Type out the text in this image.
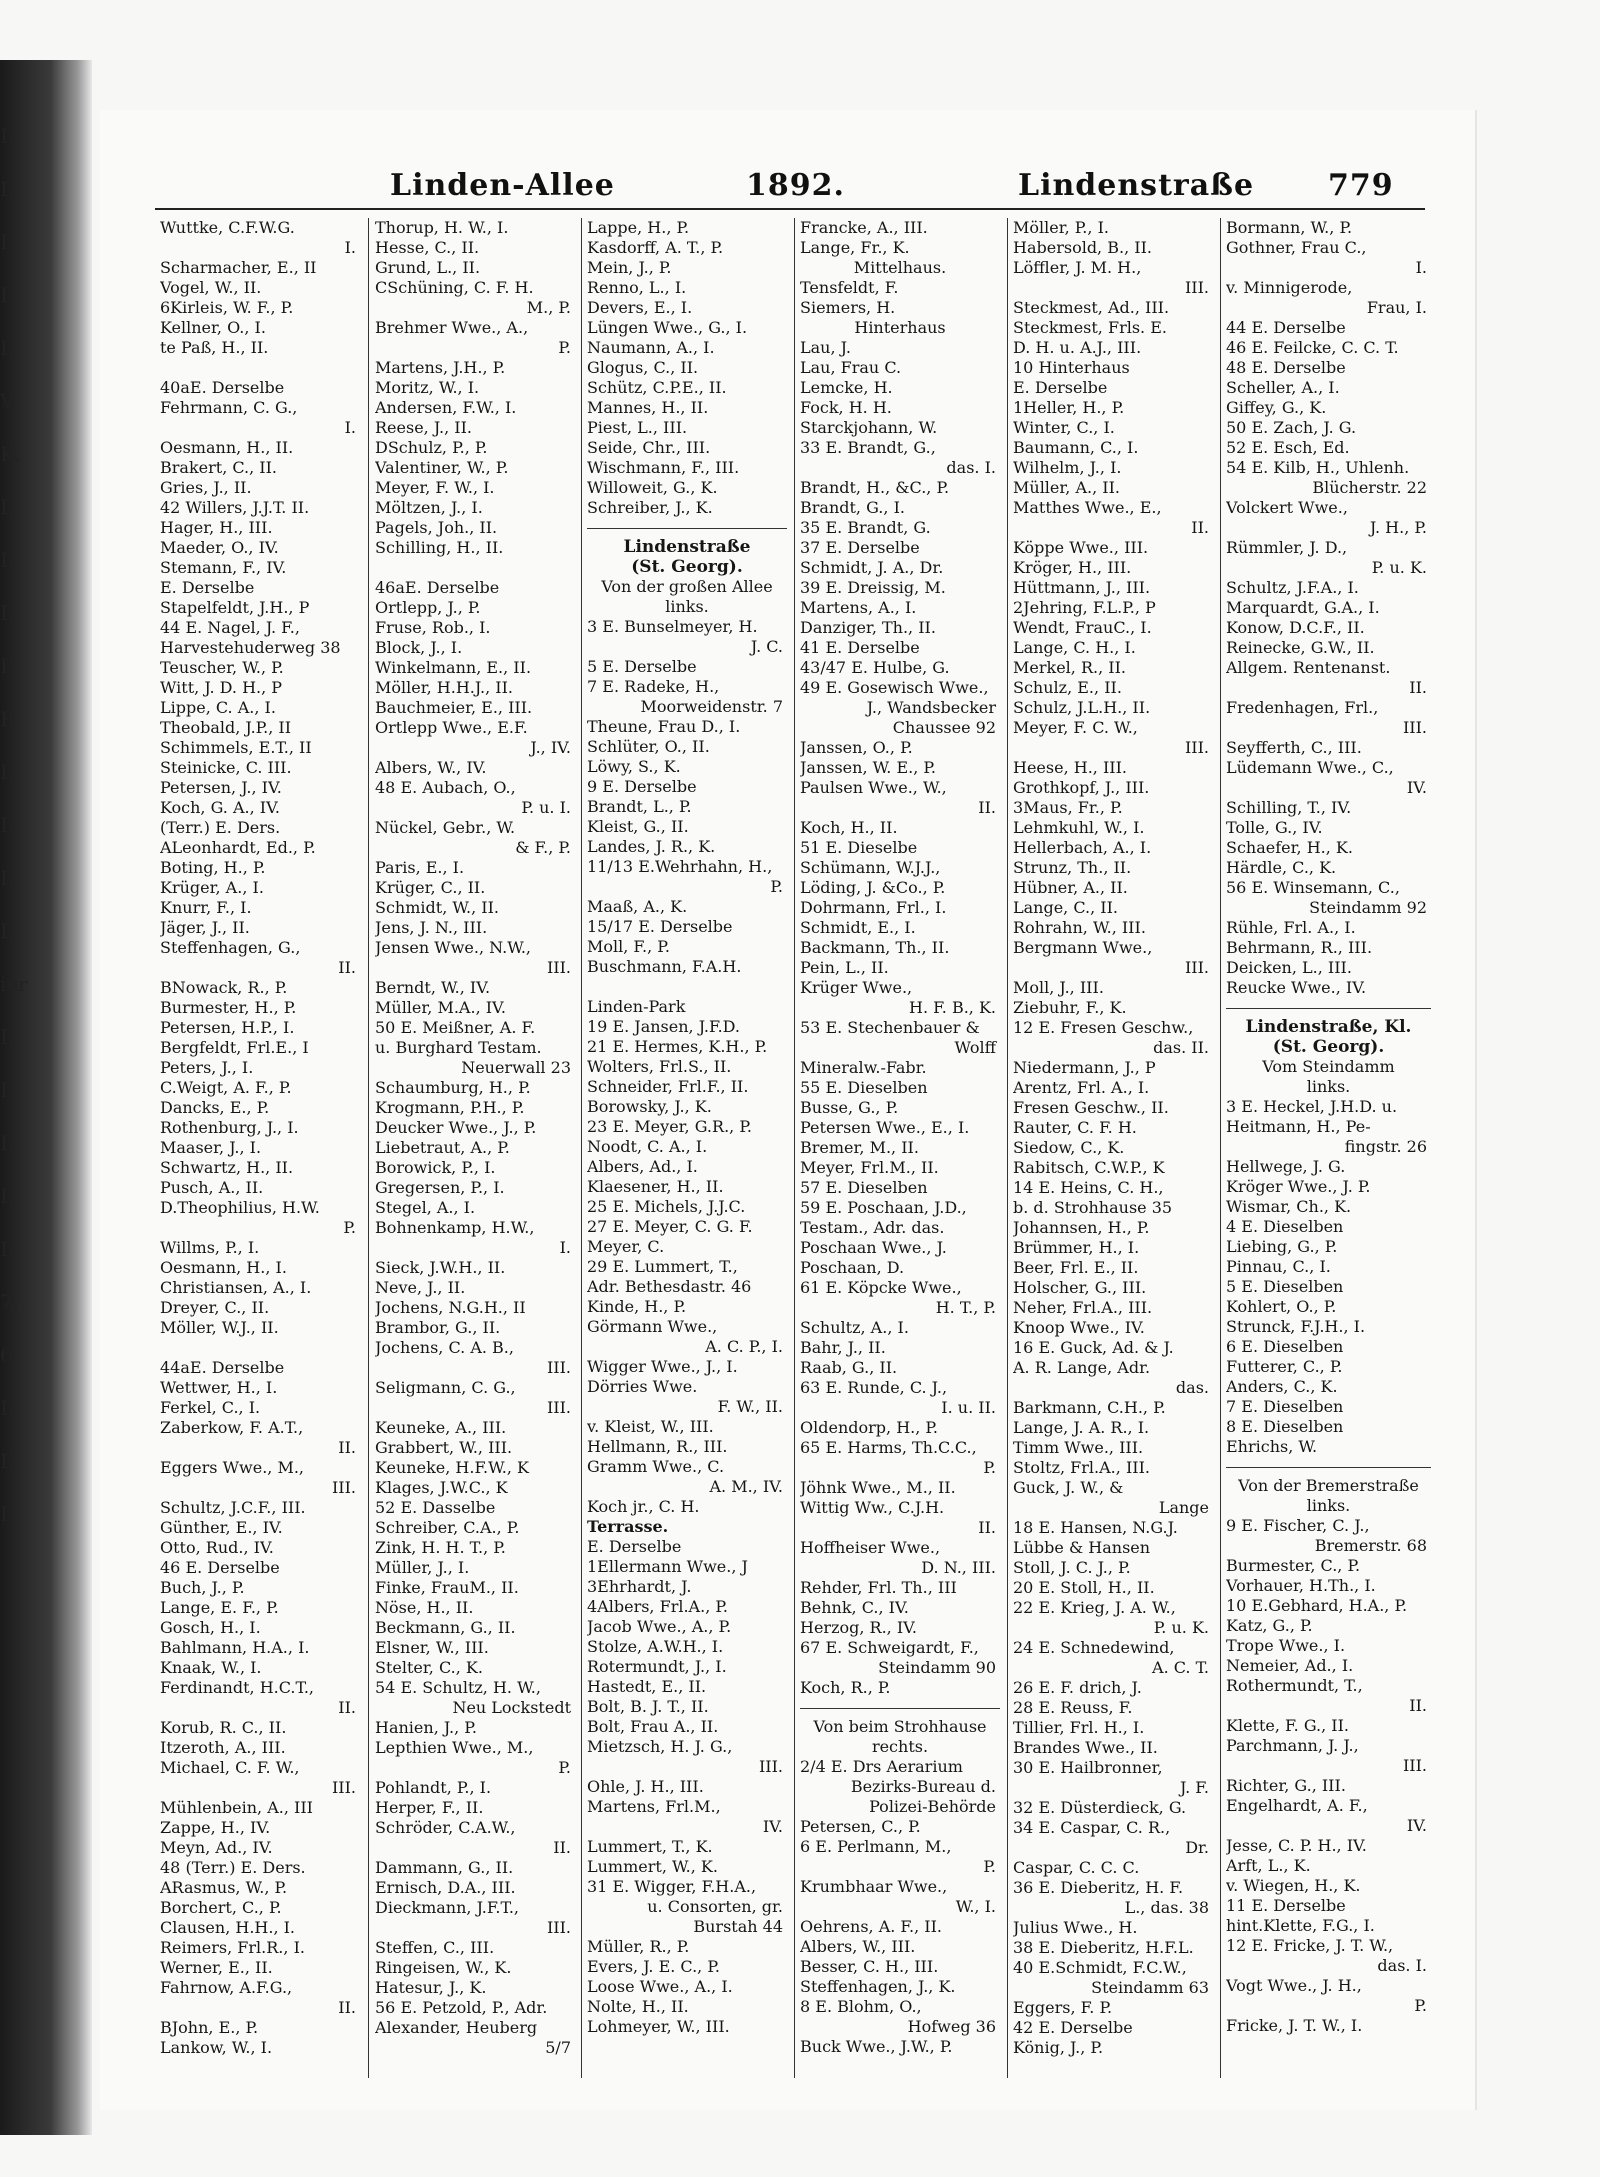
I.
I.
I
I
I.
V
K.
I.
I.
I.
P.
P.
I.
I.
I.
I.
ier
I.
I.
I.
I.
I.
7.
6
I.
II
I.
Linden-Allee	1892.	Lindenstraße 779
Wuttke, C.F.W.G.
I.
Scharmacher, E., II
Vogel, W., II.
6Kirleis, W. F., P.
Kellner, O., I.
te Paß, H., II.
40aE. Derselbe
Fehrmann, C. G.,
I.
Oesmann, H., II.
Brakert, C., II.
Gries, J., II.
42 Willers, J.J.T. II.
Hager, H., III.
Maeder, O., IV.
Stemann, F., IV.
E. Derselbe
Stapelfeldt, J.H., P
44 E. Nagel, J. F.,
Harvestehuderweg 38
Teuscher, W., P.
Witt, J. D. H., P
Lippe, C. A., I.
Theobald, J.P., II
Schimmels, E.T., II
Steinicke, C. III.
Petersen, J., IV.
Koch, G. A., IV.
(Terr.) E. Ders.
ALeonhardt, Ed., P.
Boting, H., P.
Krüger, A., I.
Knurr, F., I.
Jäger, J., II.
Steffenhagen, G.,
II.
BNowack, R., P.
Burmester, H., P.
Petersen, H.P., I.
Bergfeldt, Frl.E., I
Peters, J., I.
C.Weigt, A. F., P.
Dancks, E., P.
Rothenburg, J., I.
Maaser, J., I.
Schwartz, H., II.
Pusch, A., II.
D.Theophilius, H.W.
P.
Willms, P., I.
Oesmann, H., I.
Christiansen, A., I.
Dreyer, C., II.
Möller, W.J., II.
44aE. Derselbe
Wettwer, H., I.
Ferkel, C., I.
Zaberkow, F. A.T.,
II.
Eggers Wwe., M.,
III.
Schultz, J.C.F., III.
Günther, E., IV.
Otto, Rud., IV.
46 E. Derselbe
Buch, J., P.
Lange, E. F., P.
Gosch, H., I.
Bahlmann, H.A., I.
Knaak, W., I.
Ferdinandt, H.C.T.,
II.
Korub, R. C., II.
Itzeroth, A., III.
Michael, C. F. W.,
III.
Mühlenbein, A., III
Zappe, H., IV.
Meyn, Ad., IV.
48 (Terr.) E. Ders.
ARasmus, W., P.
Borchert, C., P.
Clausen, H.H., I.
Reimers, Frl.R., I.
Werner, E., II.
Fahrnow, A.F.G.,
II.
BJohn, E., P.
Lankow, W., I.
Thorup, H. W., I.
Hesse, C., II.
Grund, L., II.
CSchüning, C. F. H.
M., P.
Brehmer Wwe., A.,
P.
Martens, J.H., P.
Moritz, W., I.
Andersen, F.W., I.
Reese, J., II.
DSchulz, P., P.
Valentiner, W., P.
Meyer, F. W., I.
Möltzen, J., I.
Pagels, Joh., II.
Schilling, H., II.
46aE. Derselbe
Ortlepp, J., P.
Fruse, Rob., I.
Block, J., I.
Winkelmann, E., II.
Möller, H.H.J., II.
Bauchmeier, E., III.
Ortlepp Wwe., E.F.
J., IV.
Albers, W., IV.
48 E. Aubach, O.,
P. u. I.
Nückel, Gebr., W.
& F., P.
Paris, E., I.
Krüger, C., II.
Schmidt, W., II.
Jens, J. N., III.
Jensen Wwe., N.W.,
III.
Berndt, W., IV.
Müller, M.A., IV.
50 E. Meißner, A. F.
u. Burghard Testam.
Neuerwall 23
Schaumburg, H., P.
Krogmann, P.H., P.
Deucker Wwe., J., P.
Liebetraut, A., P.
Borowick, P., I.
Gregersen, P., I.
Stegel, A., I.
Bohnenkamp, H.W.,
I.
Sieck, J.W.H., II.
Neve, J., II.
Jochens, N.G.H., II
Brambor, G., II.
Jochens, C. A. B.,
III.
Seligmann, C. G.,
III.
Keuneke, A., III.
Grabbert, W., III.
Keuneke, H.F.W., K
Klages, J.W.C., K
52 E. Dasselbe
Schreiber, C.A., P.
Zink, H. H. T., P.
Müller, J., I.
Finke, FrauM., II.
Nöse, H., II.
Beckmann, G., II.
Elsner, W., III.
Stelter, C., K.
54 E. Schultz, H. W.,
Neu Lockstedt
Hanien, J., P.
Lepthien Wwe., M.,
P.
Pohlandt, P., I.
Herper, F., II.
Schröder, C.A.W.,
II.
Dammann, G., II.
Ernisch, D.A., III.
Dieckmann, J.F.T.,
III.
Steffen, C., III.
Ringeisen, W., K.
Hatesur, J., K.
56 E. Petzold, P., Adr.
Alexander, Heuberg
5/7
Lappe, H., P.
Kasdorff, A. T., P.
Mein, J., P.
Renno, L., I.
Devers, E., I.
Lüngen Wwe., G., I.
Naumann, A., I.
Glogus, C., II.
Schütz, C.P.E., II.
Mannes, H., II.
Piest, L., III.
Seide, Chr., III.
Wischmann, F., III.
Willoweit, G., K.
Schreiber, J., K.
Lindenstraße
(St. Georg).
Von der großen Allee
links.
3 E. Bunselmeyer, H.
J. C.
5 E. Derselbe
7 E. Radeke, H.,
Moorweidenstr. 7
Theune, Frau D., I.
Schlüter, O., II.
Löwy, S., K.
9 E. Derselbe
Brandt, L., P.
Kleist, G., II.
Landes, J. R., K.
11/13 E.Wehrhahn, H.,
P.
Maaß, A., K.
15/17 E. Derselbe
Moll, F., P.
Buschmann, F.A.H.
Linden-Park
19 E. Jansen, J.F.D.
21 E. Hermes, K.H., P.
Wolters, Frl.S., II.
Schneider, Frl.F., II.
Borowsky, J., K.
23 E. Meyer, G.R., P.
Noodt, C. A., I.
Albers, Ad., I.
Klaesener, H., II.
25 E. Michels, J.J.C.
27 E. Meyer, C. G. F.
Meyer, C.
29 E. Lummert, T.,
Adr. Bethesdastr. 46
Kinde, H., P.
Görmann Wwe.,
A. C. P., I.
Wigger Wwe., J., I.
Dörries Wwe.
F. W., II.
v. Kleist, W., III.
Hellmann, R., III.
Gramm Wwe., C.
A. M., IV.
Koch jr., C. H.
Terrasse.
E. Derselbe
1Ellermann Wwe., J
3Ehrhardt, J.
4Albers, Frl.A., P.
Jacob Wwe., A., P.
Stolze, A.W.H., I.
Rotermundt, J., I.
Hastedt, E., II.
Bolt, B. J. T., II.
Bolt, Frau A., II.
Mietzsch, H. J. G.,
III.
Ohle, J. H., III.
Martens, Frl.M.,
IV.
Lummert, T., K.
Lummert, W., K.
31 E. Wigger, F.H.A.,
u. Consorten, gr.
Burstah 44
Müller, R., P.
Evers, J. E. C., P.
Loose Wwe., A., I.
Nolte, H., II.
Lohmeyer, W., III.
Francke, A., III.
Lange, Fr., K.
Mittelhaus.
Tensfeldt, F.
Siemers, H.
Hinterhaus
Lau, J.
Lau, Frau C.
Lemcke, H.
Fock, H. H.
Starckjohann, W.
33 E. Brandt, G.,
das. I.
Brandt, H., &C., P.
Brandt, G., I.
35 E. Brandt, G.
37 E. Derselbe
Schmidt, J. A., Dr.
39 E. Dreissig, M.
Martens, A., I.
Danziger, Th., II.
41 E. Derselbe
43/47 E. Hulbe, G.
49 E. Gosewisch Wwe.,
J., Wandsbecker
Chaussee 92
Janssen, O., P.
Janssen, W. E., P.
Paulsen Wwe., W.,
II.
Koch, H., II.
51 E. Dieselbe
Schümann, W.J.J.,
Löding, J. &Co., P.
Dohrmann, Frl., I.
Schmidt, E., I.
Backmann, Th., II.
Pein, L., II.
Krüger Wwe.,
H. F. B., K.
53 E. Stechenbauer &
Wolff
Mineralw.-Fabr.
55 E. Dieselben
Busse, G., P.
Petersen Wwe., E., I.
Bremer, M., II.
Meyer, Frl.M., II.
57 E. Dieselben
59 E. Poschaan, J.D.,
Testam., Adr. das.
Poschaan Wwe., J.
Poschaan, D.
61 E. Köpcke Wwe.,
H. T., P.
Schultz, A., I.
Bahr, J., II.
Raab, G., II.
63 E. Runde, C. J.,
I. u. II.
Oldendorp, H., P.
65 E. Harms, Th.C.C.,
P.
Jöhnk Wwe., M., II.
Wittig Ww., C.J.H.
II.
Hoffheiser Wwe.,
D. N., III.
Rehder, Frl. Th., III
Behnk, C., IV.
Herzog, R., IV.
67 E. Schweigardt, F.,
Steindamm 90
Koch, R., P.
Von beim Strohhause
rechts.
2/4 E. Drs Aerarium
Bezirks-Bureau d.
Polizei-Behörde
Petersen, C., P.
6 E. Perlmann, M.,
P.
Krumbhaar Wwe.,
W., I.
Oehrens, A. F., II.
Albers, W., III.
Besser, C. H., III.
Steffenhagen, J., K.
8 E. Blohm, O.,
Hofweg 36
Buck Wwe., J.W., P.
Möller, P., I.
Habersold, B., II.
Löffler, J. M. H.,
III.
Steckmest, Ad., III.
Steckmest, Frls. E.
D. H. u. A.J., III.
10 Hinterhaus
E. Derselbe
1Heller, H., P.
Winter, C., I.
Baumann, C., I.
Wilhelm, J., I.
Müller, A., II.
Matthes Wwe., E.,
II.
Köppe Wwe., III.
Kröger, H., III.
Hüttmann, J., III.
2Jehring, F.L.P., P
Wendt, FrauC., I.
Lange, C. H., I.
Merkel, R., II.
Schulz, E., II.
Schulz, J.L.H., II.
Meyer, F. C. W.,
III.
Heese, H., III.
Grothkopf, J., III.
3Maus, Fr., P.
Lehmkuhl, W., I.
Hellerbach, A., I.
Strunz, Th., II.
Hübner, A., II.
Lange, C., II.
Rohrahn, W., III.
Bergmann Wwe.,
III.
Moll, J., III.
Ziebuhr, F., K.
12 E. Fresen Geschw.,
das. II.
Niedermann, J., P
Arentz, Frl. A., I.
Fresen Geschw., II.
Rauter, C. F. H.
Siedow, C., K.
Rabitsch, C.W.P., K
14 E. Heins, C. H.,
b. d. Strohhause 35
Johannsen, H., P.
Brümmer, H., I.
Beer, Frl. E., II.
Holscher, G., III.
Neher, Frl.A., III.
Knoop Wwe., IV.
16 E. Guck, Ad. & J.
A. R. Lange, Adr.
das.
Barkmann, C.H., P.
Lange, J. A. R., I.
Timm Wwe., III.
Stoltz, Frl.A., III.
Guck, J. W., &
Lange
18 E. Hansen, N.G.J.
Lübbe & Hansen
Stoll, J. C. J., P.
20 E. Stoll, H., II.
22 E. Krieg, J. A. W.,
P. u. K.
24 E. Schnedewind,
A. C. T.
26 E. F. drich, J.
28 E. Reuss, F.
Tillier, Frl. H., I.
Brandes Wwe., II.
30 E. Hailbronner,
J. F.
32 E. Düsterdieck, G.
34 E. Caspar, C. R.,
Dr.
Caspar, C. C. C.
36 E. Dieberitz, H. F.
L., das. 38
Julius Wwe., H.
38 E. Dieberitz, H.F.L.
40 E.Schmidt, F.C.W.,
Steindamm 63
Eggers, F. P.
42 E. Derselbe
König, J., P.
Bormann, W., P.
Gothner, Frau C.,
I.
v. Minnigerode,
Frau, I.
44 E. Derselbe
46 E. Feilcke, C. C. T.
48 E. Derselbe
Scheller, A., I.
Giffey, G., K.
50 E. Zach, J. G.
52 E. Esch, Ed.
54 E. Kilb, H., Uhlenh.
Blücherstr. 22
Volckert Wwe.,
J. H., P.
Rümmler, J. D.,
P. u. K.
Schultz, J.F.A., I.
Marquardt, G.A., I.
Konow, D.C.F., II.
Reinecke, G.W., II.
Allgem. Rentenanst.
II.
Fredenhagen, Frl.,
III.
Seyfferth, C., III.
Lüdemann Wwe., C.,
IV.
Schilling, T., IV.
Tolle, G., IV.
Schaefer, H., K.
Härdle, C., K.
56 E. Winsemann, C.,
Steindamm 92
Rühle, Frl. A., I.
Behrmann, R., III.
Deicken, L., III.
Reucke Wwe., IV.
Lindenstraße, Kl.
(St. Georg).
Vom Steindamm
links.
3 E. Heckel, J.H.D. u.
Heitmann, H., Pe-
fingstr. 26
Hellwege, J. G.
Kröger Wwe., J. P.
Wismar, Ch., K.
4 E. Dieselben
Liebing, G., P.
Pinnau, C., I.
5 E. Dieselben
Kohlert, O., P.
Strunck, F.J.H., I.
6 E. Dieselben
Futterer, C., P.
Anders, C., K.
7 E. Dieselben
8 E. Dieselben
Ehrichs, W.
Von der Bremerstraße
links.
9 E. Fischer, C. J.,
Bremerstr. 68
Burmester, C., P.
Vorhauer, H.Th., I.
10 E.Gebhard, H.A., P.
Katz, G., P.
Trope Wwe., I.
Nemeier, Ad., I.
Rothermundt, T.,
II.
Klette, F. G., II.
Parchmann, J. J.,
III.
Richter, G., III.
Engelhardt, A. F.,
IV.
Jesse, C. P. H., IV.
Arft, L., K.
v. Wiegen, H., K.
11 E. Derselbe
hint.Klette, F.G., I.
12 E. Fricke, J. T. W.,
das. I.
Vogt Wwe., J. H.,
P.
Fricke, J. T. W., I.
